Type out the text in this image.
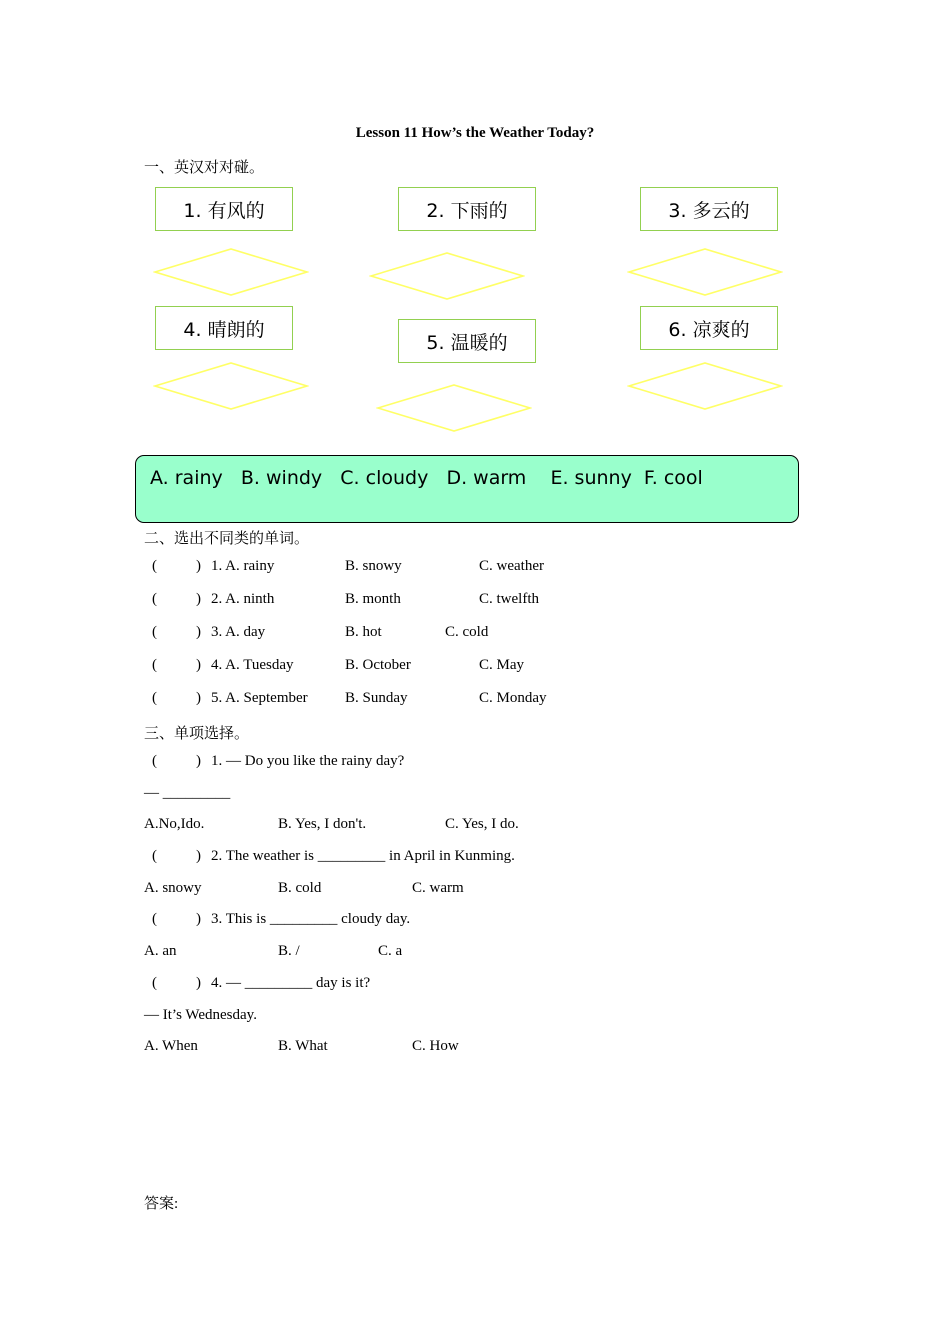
Lesson 11 How’s the Weather Today?
一、英汉对对碰。
1. 有风的	2. 下雨的	3. 多云的
4. 晴朗的
5. 温暖的
6. 凉爽的
A. rainy   B. windy   C. cloudy   D. warm    E. sunny  F. cool
二、选出不同类的单词。
(	) 1. A. rainy	B. snowy	C. weather
(	) 2. A. ninth	B. month	C. twelfth
(	) 3. A. day	B. hot	C. cold
(	) 4. A. Tuesday	B. October	C. May
(	) 5. A. September B. Sunday	C. Monday
三、单项选择。
(	) 1. — Do you like the rainy day?
— _________
A.No,Ido.	B. Yes, I don't.	C. Yes, I do.
(	) 2. The weather is _________ in April in Kunming.
A. snowy	B. cold	C. warm
(	) 3. This is _________ cloudy day.
A. an	B. /	C. a
(	) 4. — _________ day is it?
— It’s Wednesday.
A. When	B. What	C. How
答案:
